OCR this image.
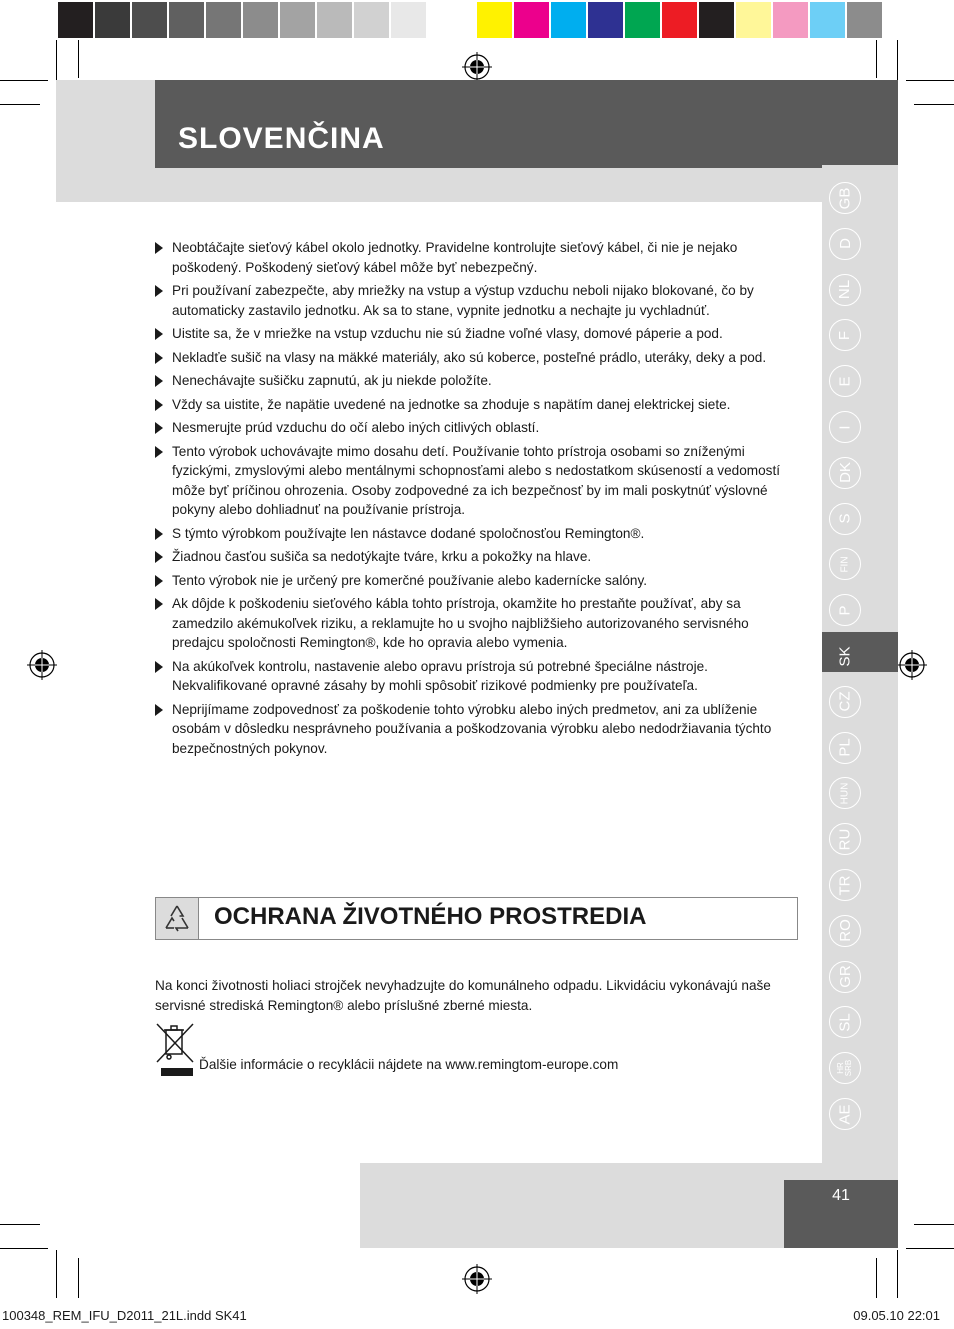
SLOVENČINA
GB
D
NL
F
E
I
DK
S
FIN
P
SK
CZ
PL
HUN
RU
TR
RO
GR
SL
HR
SRB
AE
Neobtáčajte sieťový kábel okolo jednotky. Pravidelne kontrolujte sieťový kábel, či nie je nejako poškodený. Poškodený sieťový kábel môže byť nebezpečný.
Pri používaní zabezpečte, aby mriežky na vstup a výstup vzduchu neboli nijako blokované, čo by automaticky zastavilo jednotku. Ak sa to stane, vypnite jednotku a nechajte ju vychladnúť.
Uistite sa, že v mriežke na vstup vzduchu nie sú žiadne voľné vlasy, domové páperie a pod.
Nekladťe sušič na vlasy na mäkké materiály, ako sú koberce, posteľné prádlo, uteráky, deky a pod.
Nenechávajte sušičku zapnutú, ak ju niekde položíte.
Vždy sa uistite, že napätie uvedené na jednotke sa zhoduje s napätím danej elektrickej siete.
Nesmerujte prúd vzduchu do očí alebo iných citlivých oblastí.
Tento výrobok uchovávajte mimo dosahu detí. Používanie tohto prístroja osobami so zníženými fyzickými, zmyslovými alebo mentálnymi schopnosťami alebo s nedostatkom skúseností a vedomostí môže byť príčinou ohrozenia. Osoby zodpovedné za ich bezpečnosť by im mali poskytnúť výslovné pokyny alebo dohliadnuť na používanie prístroja.
S týmto výrobkom používajte len nástavce dodané spoločnosťou Remington®.
Žiadnou časťou sušiča sa nedotýkajte tváre, krku a pokožky na hlave.
Tento výrobok nie je určený pre komerčné používanie alebo kadernícke salóny.
Ak dôjde k poškodeniu sieťového kábla tohto prístroja, okamžite ho prestaňte používať, aby sa zamedzilo akémukoľvek riziku, a reklamujte ho u svojho najbližšieho autorizovaného servisného predajcu spoločnosti Remington®, kde ho opravia alebo vymenia.
Na akúkoľvek kontrolu, nastavenie alebo opravu prístroja sú potrebné špeciálne nástroje. Nekvalifikované opravné zásahy by mohli spôsobiť rizikové podmienky pre používateľa.
Neprijímame zodpovednosť za poškodenie tohto výrobku alebo iných predmetov, ani za ublíženie osobám v dôsledku nesprávneho používania a poškodzovania výrobku alebo nedodržiavania týchto bezpečnostných pokynov.
OCHRANA ŽIVOTNÉHO PROSTREDIA
Na konci životnosti holiaci strojček nevyhadzujte do komunálneho odpadu. Likvidáciu vykonávajú naše servisné strediská Remington® alebo príslušné zberné miesta.
Ďalšie informácie o recyklácii nájdete na www.remingtom-europe.com
41
100348_REM_IFU_D2011_21L.indd SK41	09.05.10 22:01
